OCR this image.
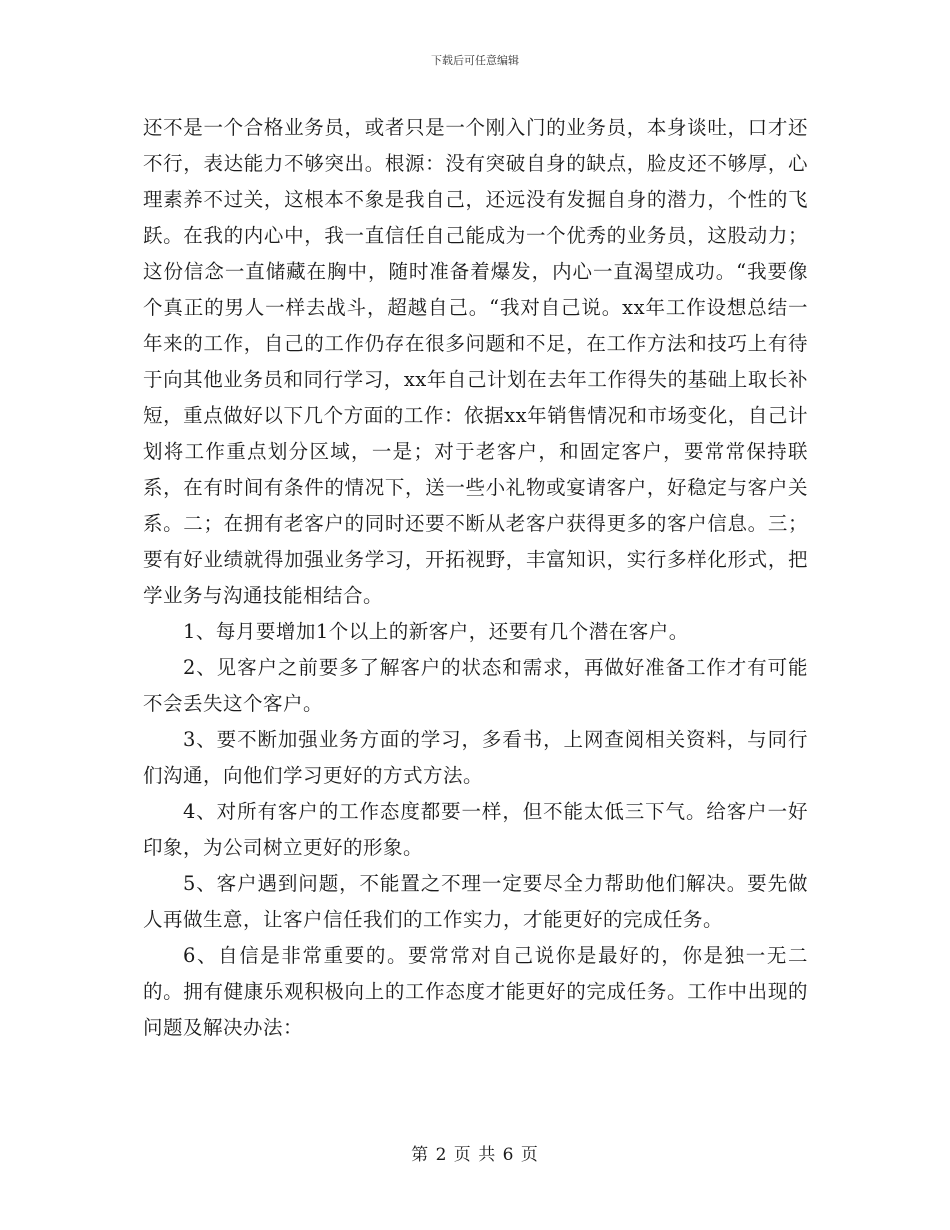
下载后可任意编辑

还不是一个合格业务员，或者只是一个刚入门的业务员，本身谈吐，口才还不行，表达能力不够突出。根源：没有突破自身的缺点，脸皮还不够厚，心理素养不过关，这根本不象是我自己，还远没有发掘自身的潜力，个性的飞跃。在我的内心中，我一直信任自己能成为一个优秀的业务员，这股动力；这份信念一直储藏在胸中，随时准备着爆发，内心一直渴望成功。“我要像个真正的男人一样去战斗，超越自己。“我对自己说。xx年工作设想总结一年来的工作，自己的工作仍存在很多问题和不足，在工作方法和技巧上有待于向其他业务员和同行学习，xx年自己计划在去年工作得失的基础上取长补短，重点做好以下几个方面的工作：依据xx年销售情况和市场变化，自己计划将工作重点划分区域，一是；对于老客户，和固定客户，要常常保持联系，在有时间有条件的情况下，送一些小礼物或宴请客户，好稳定与客户关系。二；在拥有老客户的同时还要不断从老客户获得更多的客户信息。三；要有好业绩就得加强业务学习，开拓视野，丰富知识，实行多样化形式，把学业务与沟通技能相结合。

1、每月要增加1个以上的新客户，还要有几个潜在客户。

2、见客户之前要多了解客户的状态和需求，再做好准备工作才有可能不会丢失这个客户。

3、要不断加强业务方面的学习，多看书，上网查阅相关资料，与同行们沟通，向他们学习更好的方式方法。

4、对所有客户的工作态度都要一样，但不能太低三下气。给客户一好印象，为公司树立更好的形象。

5、客户遇到问题，不能置之不理一定要尽全力帮助他们解决。要先做人再做生意，让客户信任我们的工作实力，才能更好的完成任务。

6、自信是非常重要的。要常常对自己说你是最好的，你是独一无二的。拥有健康乐观积极向上的工作态度才能更好的完成任务。工作中出现的问题及解决办法：

第 2 页 共 6 页
